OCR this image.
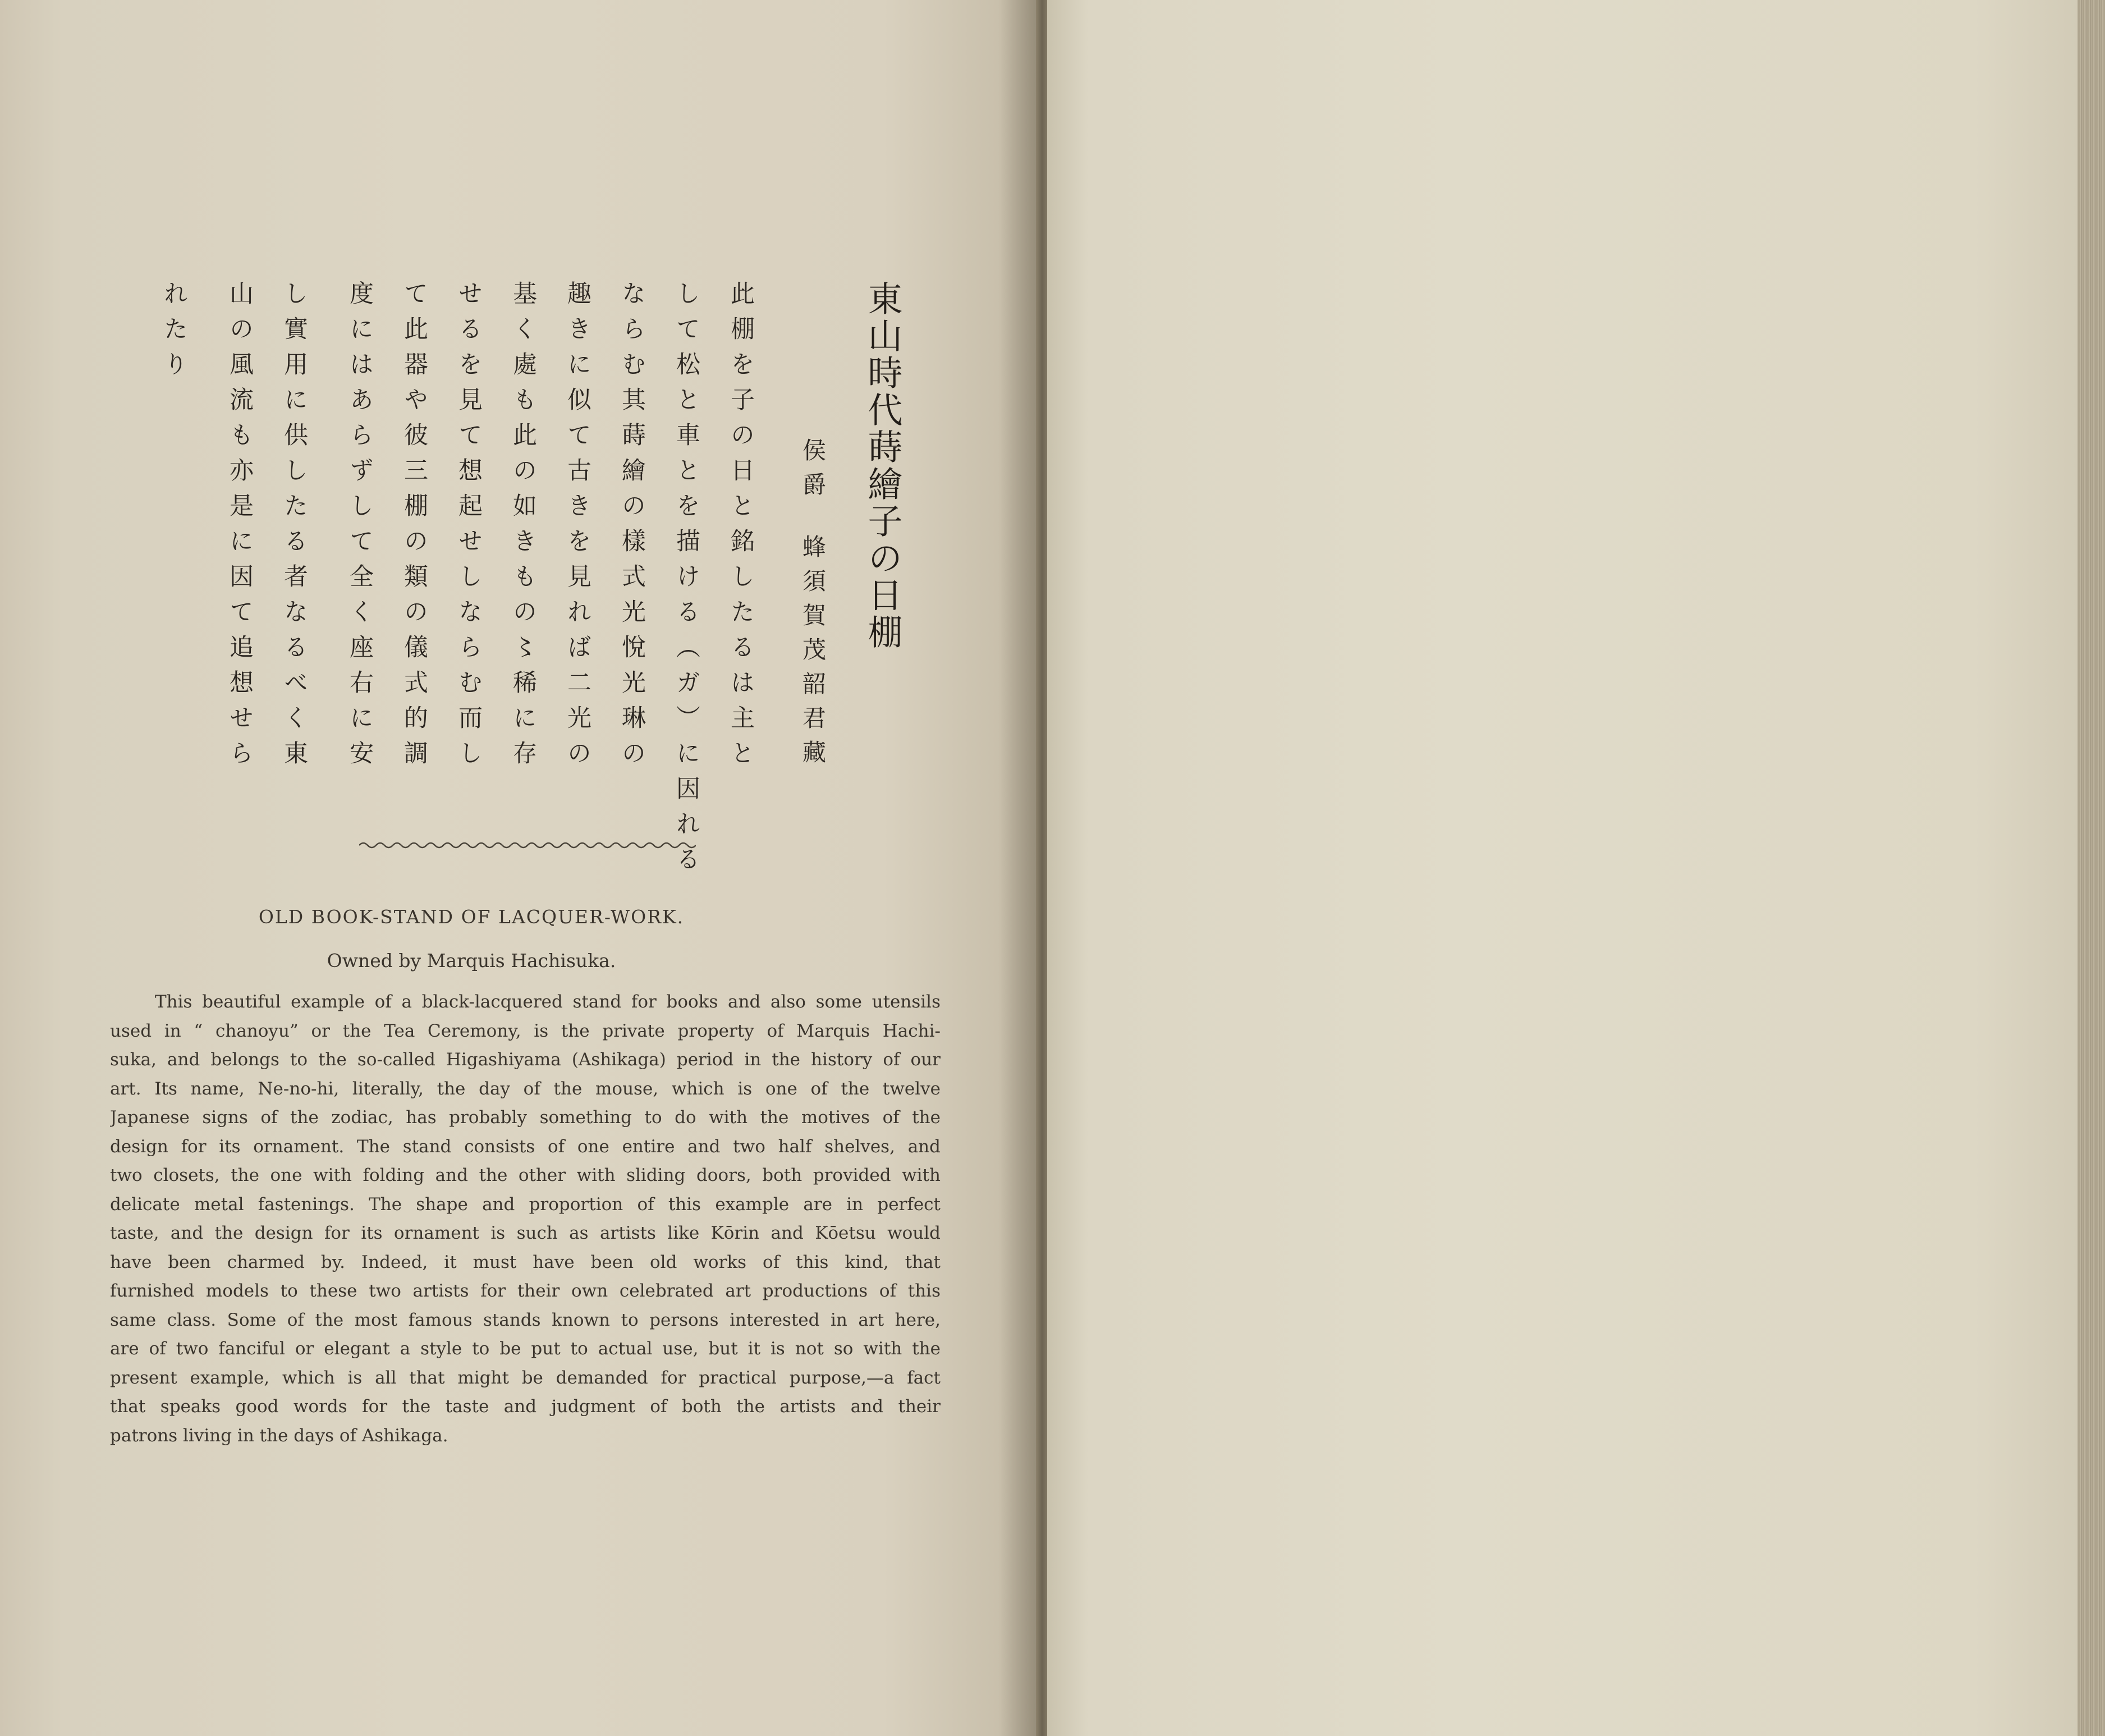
東山時代蒔繪子の日棚
侯爵蜂須賀茂韶君藏
此棚を子の日と銘したるは主と
して松と車とを描ける（ガ）に因れる
ならむ其蒔繪の樣式光悅光琳の
趣きに似て古きを見れば二光の
基く處も此の如きもの〻稀に存
せるを見て想起せしならむ而し
て此器や彼三棚の類の儀式的調
度にはあらずして全く座右に安
し實用に供したる者なるべく東
山の風流も亦是に因て追想せら
れたり
OLD BOOK-STAND OF LACQUER-WORK.
Owned by Marquis Hachisuka.
This beautiful example of a black-lacquered stand for books and also some utensils
used in “ chanoyu” or the Tea Ceremony, is the private property of Marquis Hachi-
suka, and belongs to the so-called Higashiyama (Ashikaga) period in the history of our
art. Its name, Ne-no-hi, literally, the day of the mouse, which is one of the twelve
Japanese signs of the zodiac, has probably something to do with the motives of the
design for its ornament. The stand consists of one entire and two half shelves, and
two closets, the one with folding and the other with sliding doors, both provided with
delicate metal fastenings. The shape and proportion of this example are in perfect
taste, and the design for its ornament is such as artists like Kōrin and Kōetsu would
have been charmed by. Indeed, it must have been old works of this kind, that
furnished models to these two artists for their own celebrated art productions of this
same class. Some of the most famous stands known to persons interested in art here,
are of two fanciful or elegant a style to be put to actual use, but it is not so with the
present example, which is all that might be demanded for practical purpose,—a fact
that speaks good words for the taste and judgment of both the artists and their
patrons living in the days of Ashikaga.
